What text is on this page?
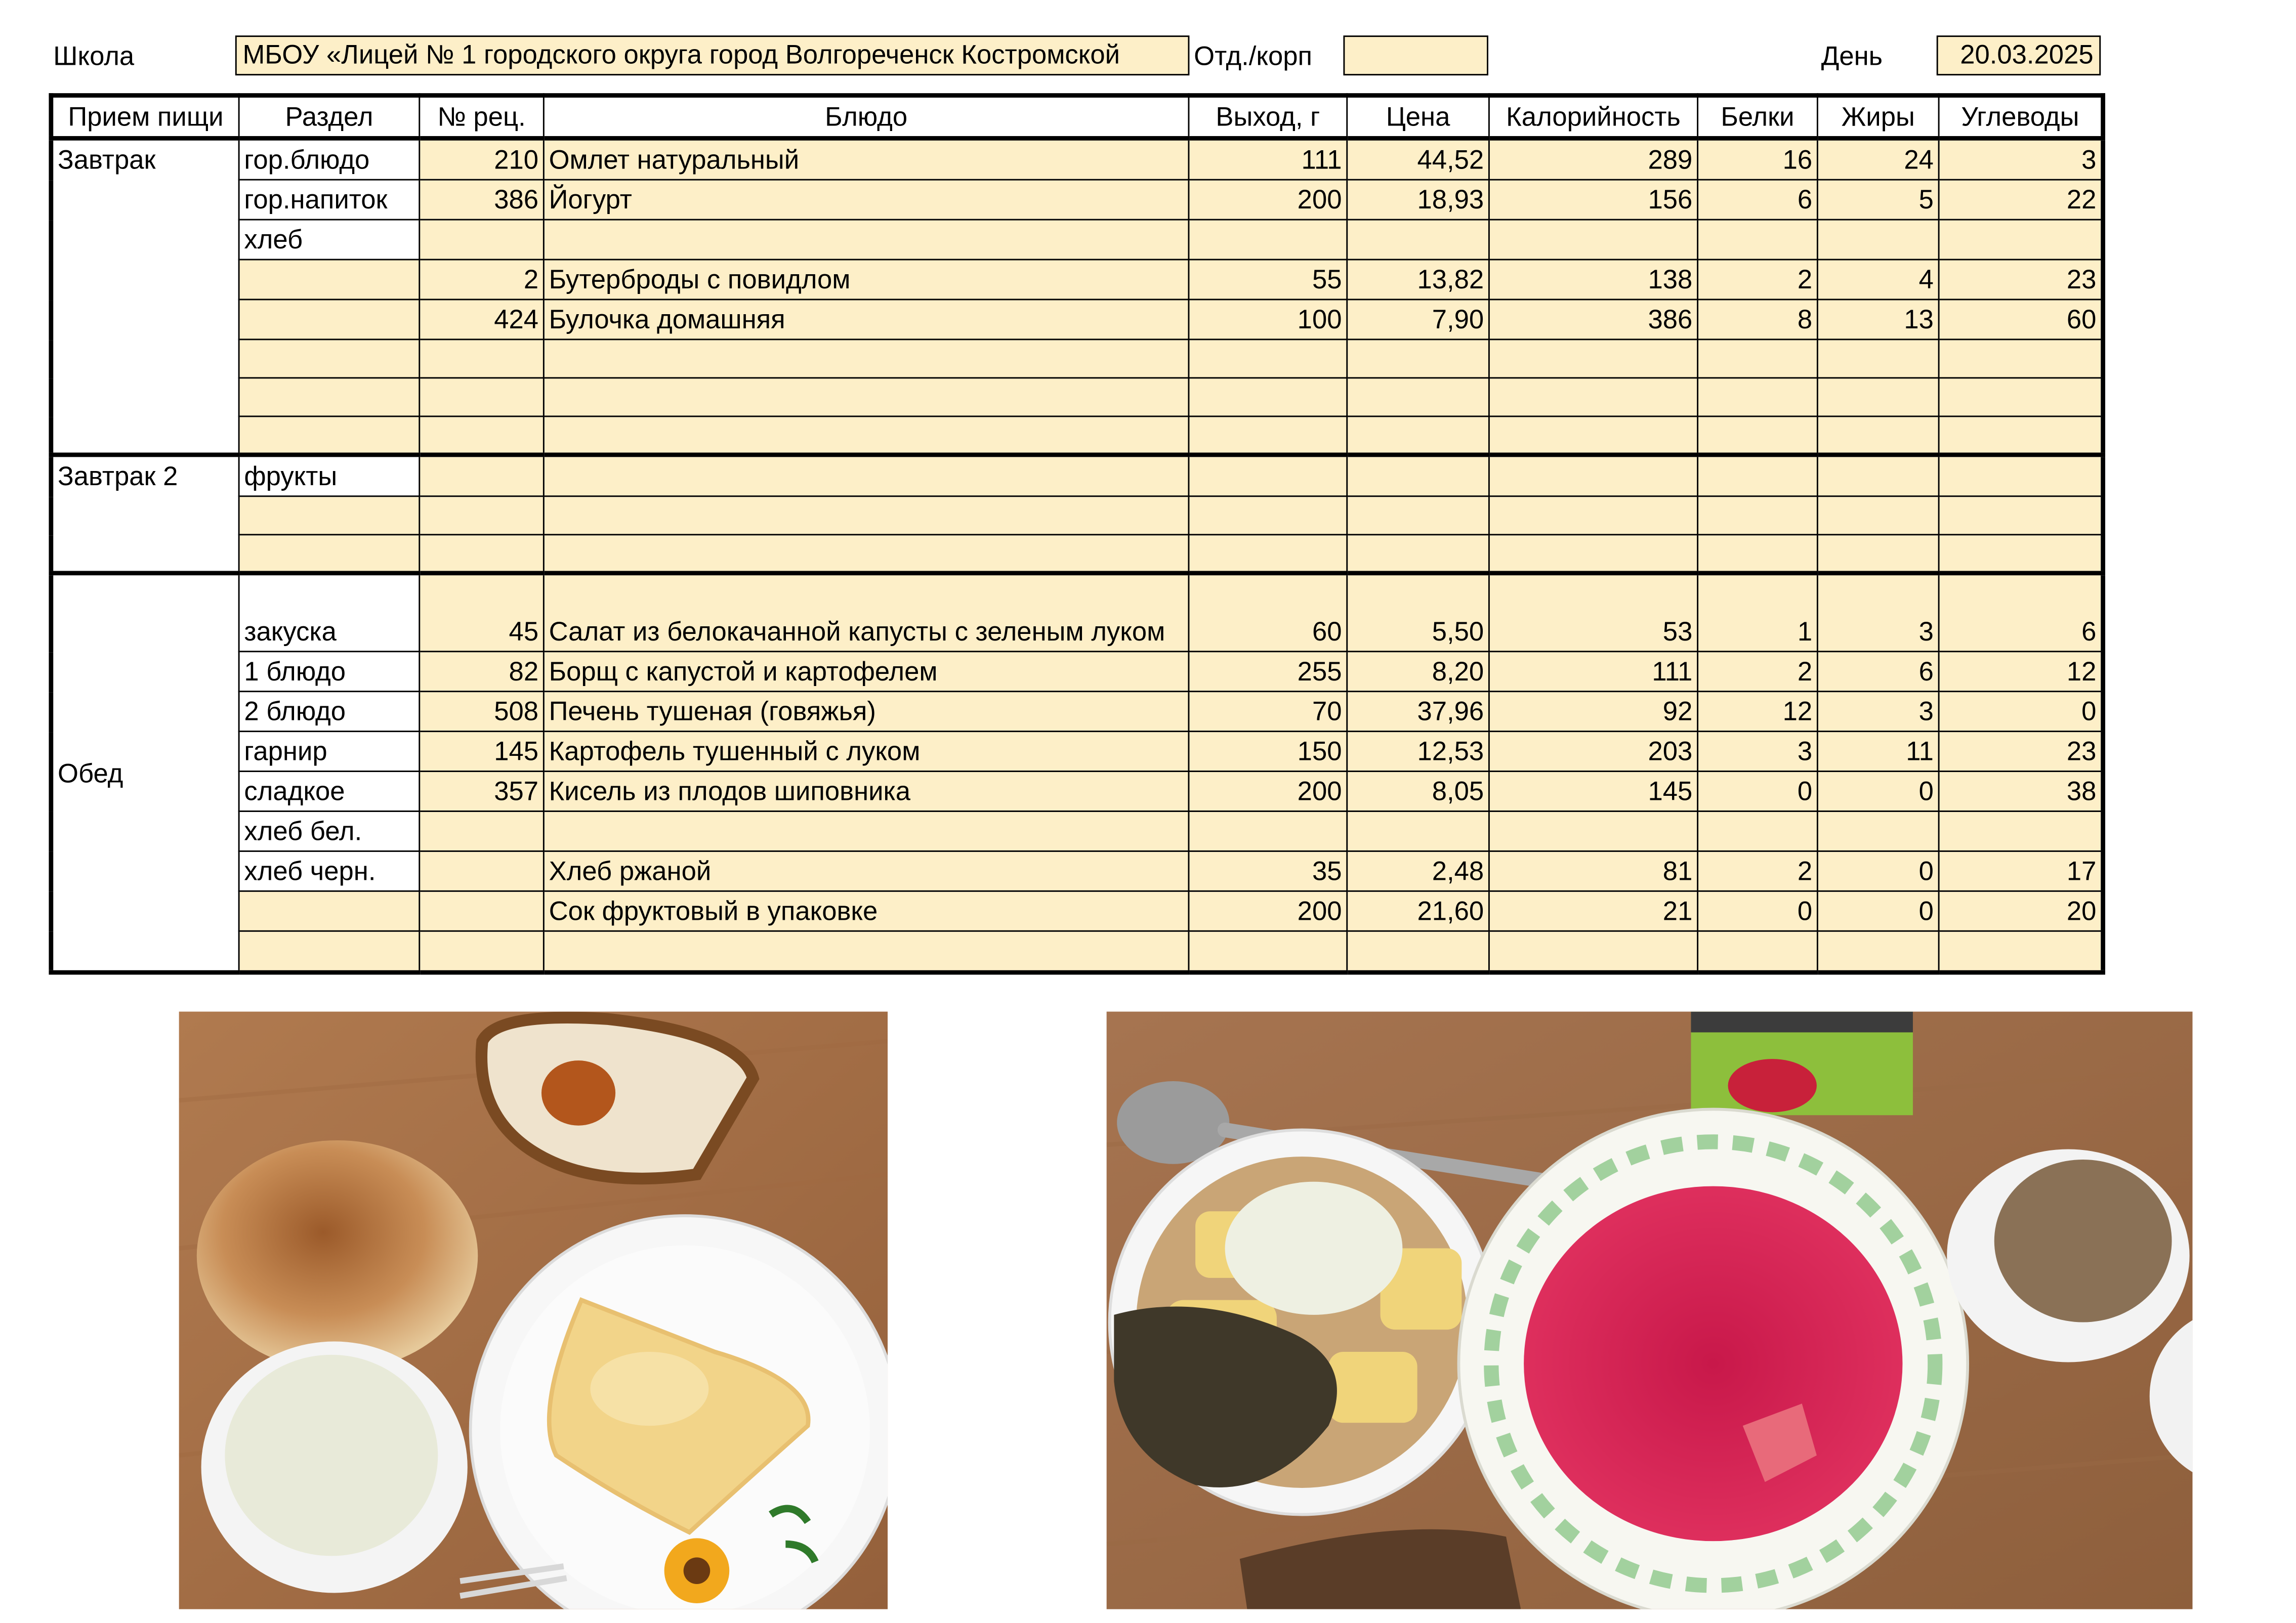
Школа	МБОУ «Лицей № 1 городского округа город Волгореченск Костромской	Отд./корп	День	20.03.2025
Прием пищи	Раздел	№ рец.	Блюдо	Выход, г	Цена	Калорийность	Белки	Жиры	Углеводы
Завтрак	гор.блюдо	210	Омлет натуральный	111	44,52	289	16	24	3
	гор.напиток	386	Йогурт	200	18,93	156	6	5	22
	хлеб								
		2	Бутерброды с повидлом	55	13,82	138	2	4	23
		424	Булочка домашняя	100	7,90	386	8	13	60

Завтрак 2	фрукты								

Обед	закуска	45	Салат из белокачанной капусты с зеленым луком	60	5,50	53	1	3	6
	1 блюдо	82	Борщ с капустой и картофелем	255	8,20	111	2	6	12
	2 блюдо	508	Печень тушеная (говяжья)	70	37,96	92	12	3	0
	гарнир	145	Картофель тушенный с луком	150	12,53	203	3	11	23
	сладкое	357	Кисель из плодов шиповника	200	8,05	145	0	0	38
	хлеб бел.								
	хлеб черн.		Хлеб ржаной	35	2,48	81	2	0	17
			Сок фруктовый в упаковке	200	21,60	21	0	0	20
